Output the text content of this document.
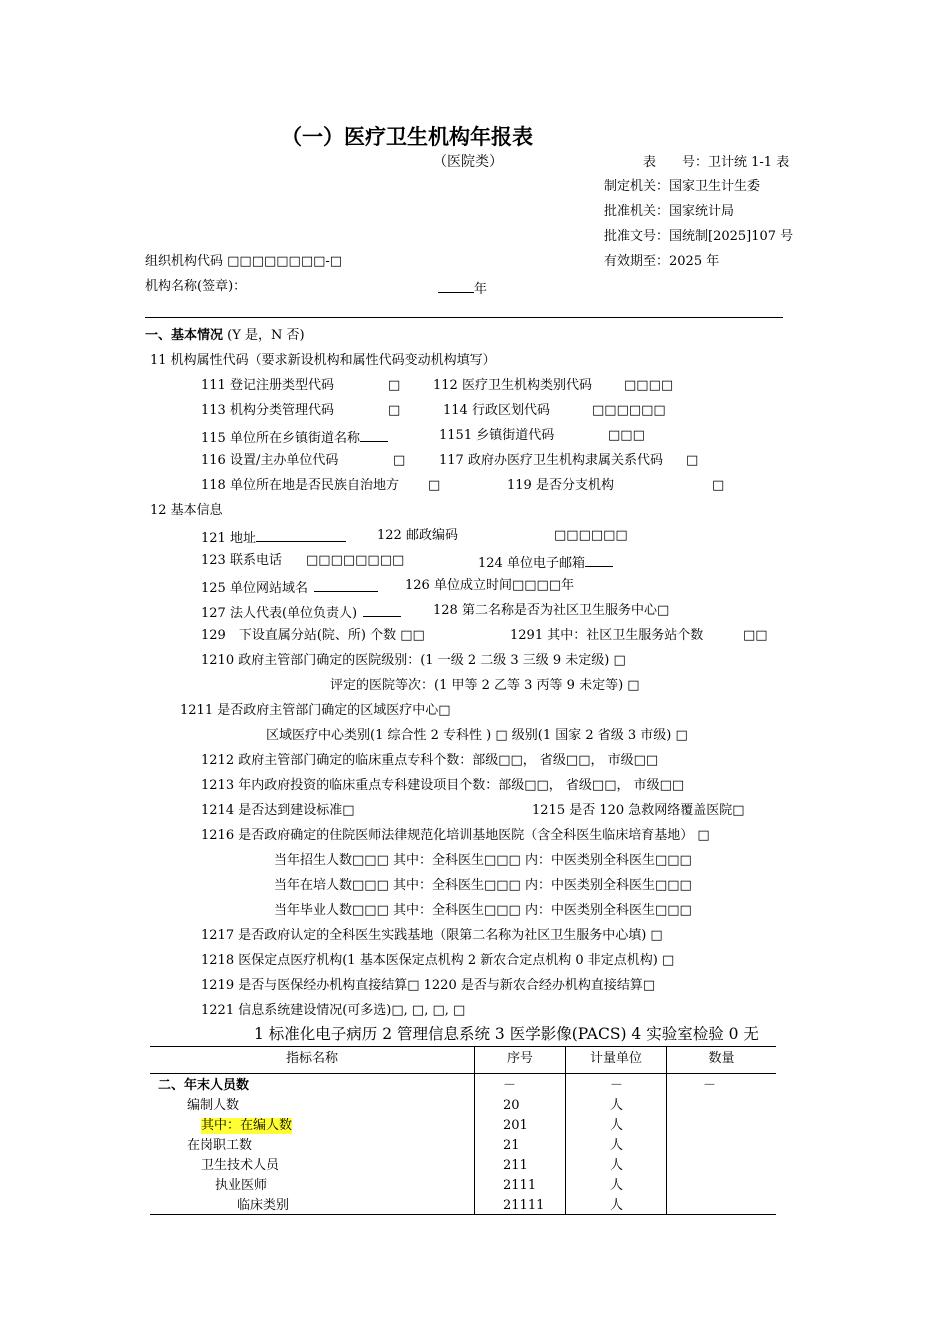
（一）医疗卫生机构年报表
（医院类）	表　　号：卫计统 1-1 表
制定机关：国家卫生计生委
批准机关：国家统计局
批准文号：国统制[2025]107 号
有效期至：2025 年
组织机构代码 □□□□□□□□-□
机构名称(签章)：	年
一、基本情况 (Y 是，N 否)
11 机构属性代码（要求新设机构和属性代码变动机构填写）
111 登记注册类型代码	□	112 医疗卫生机构类别代码 □□□□
113 机构分类管理代码	□	114 行政区划代码	□□□□□□
115 单位所在乡镇街道名称	1151 乡镇街道代码	□□□
116 设置/主办单位代码	□	117 政府办医疗卫生机构隶属关系代码 □
118 单位所在地是否民族自治地方 □	119 是否分支机构	□
12 基本信息
121 地址	122 邮政编码	□□□□□□
123 联系电话 □□□□□□□□	124 单位电子邮箱
125 单位网站域名	126 单位成立时间□□□□年
127 法人代表(单位负责人)	128 第二名称是否为社区卫生服务中心□
129　下设直属分站(院、所) 个数 □□	1291 其中：社区卫生服务站个数	□□
1210 政府主管部门确定的医院级别：(1 一级 2 二级 3 三级 9 未定级) □
评定的医院等次：(1 甲等 2 乙等 3 丙等 9 未定等) □
1211 是否政府主管部门确定的区域医疗中心□
区域医疗中心类别(1 综合性 2 专科性 ) □ 级别(1 国家 2 省级 3 市级) □
1212 政府主管部门确定的临床重点专科个数：部级□□， 省级□□， 市级□□
1213 年内政府投资的临床重点专科建设项目个数：部级□□， 省级□□， 市级□□
1214 是否达到建设标准□	1215 是否 120 急救网络覆盖医院□
1216 是否政府确定的住院医师法律规范化培训基地医院（含全科医生临床培育基地） □
当年招生人数□□□ 其中：全科医生□□□ 内：中医类别全科医生□□□
当年在培人数□□□ 其中：全科医生□□□ 内：中医类别全科医生□□□
当年毕业人数□□□ 其中：全科医生□□□ 内：中医类别全科医生□□□
1217 是否政府认定的全科医生实践基地（限第二名称为社区卫生服务中心填) □
1218 医保定点医疗机构(1 基本医保定点机构 2 新农合定点机构 0 非定点机构) □
1219 是否与医保经办机构直接结算□ 1220 是否与新农合经办机构直接结算□
1221 信息系统建设情况(可多选)□, □, □, □
1 标准化电子病历 2 管理信息系统 3 医学影像(PACS) 4 实验室检验 0 无
指标名称	序号	计量单位	数量
二、年末人员数	－	－	－
编制人数	20	人
其中：在编人数	201	人
在岗职工数	21	人
卫生技术人员	211	人
执业医师	2111	人
临床类别	21111	人
